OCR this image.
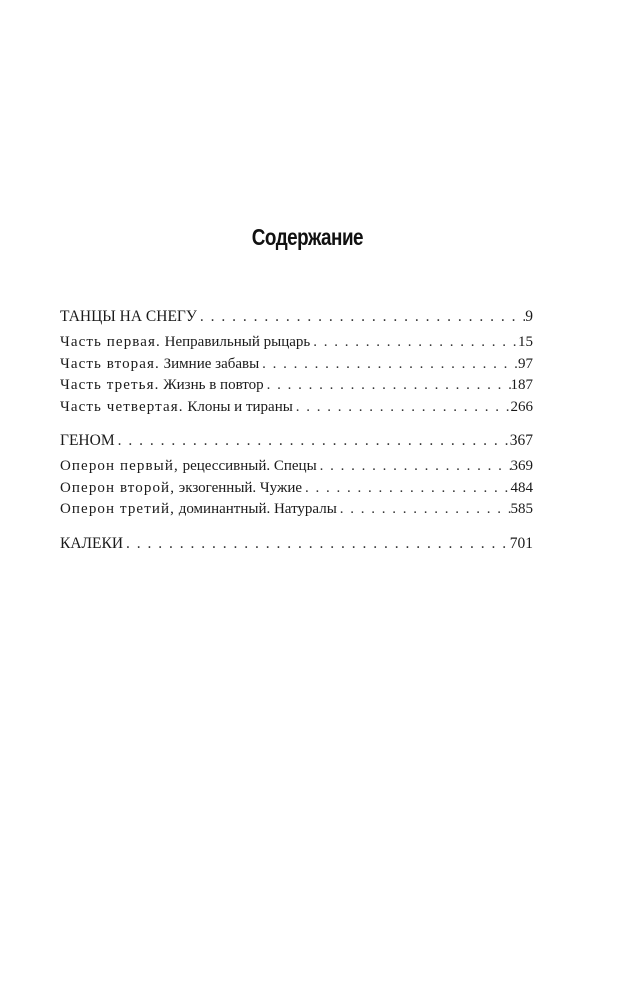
Содержание
ТАНЦЫ НА СНЕГУ . . .	9
Часть первая. Неправильный рыцарь . . .	15
Часть вторая. Зимние забавы . . .	97
Часть третья. Жизнь в повтор . . .	187
Часть четвертая. Клоны и тираны . . .	266
ГЕНОМ . . .	367
Оперон первый, рецессивный. Спецы . . .	369
Оперон второй, экзогенный. Чужие . . .	484
Оперон третий, доминантный. Натуралы . . .	585
КАЛЕКИ . . .	701
